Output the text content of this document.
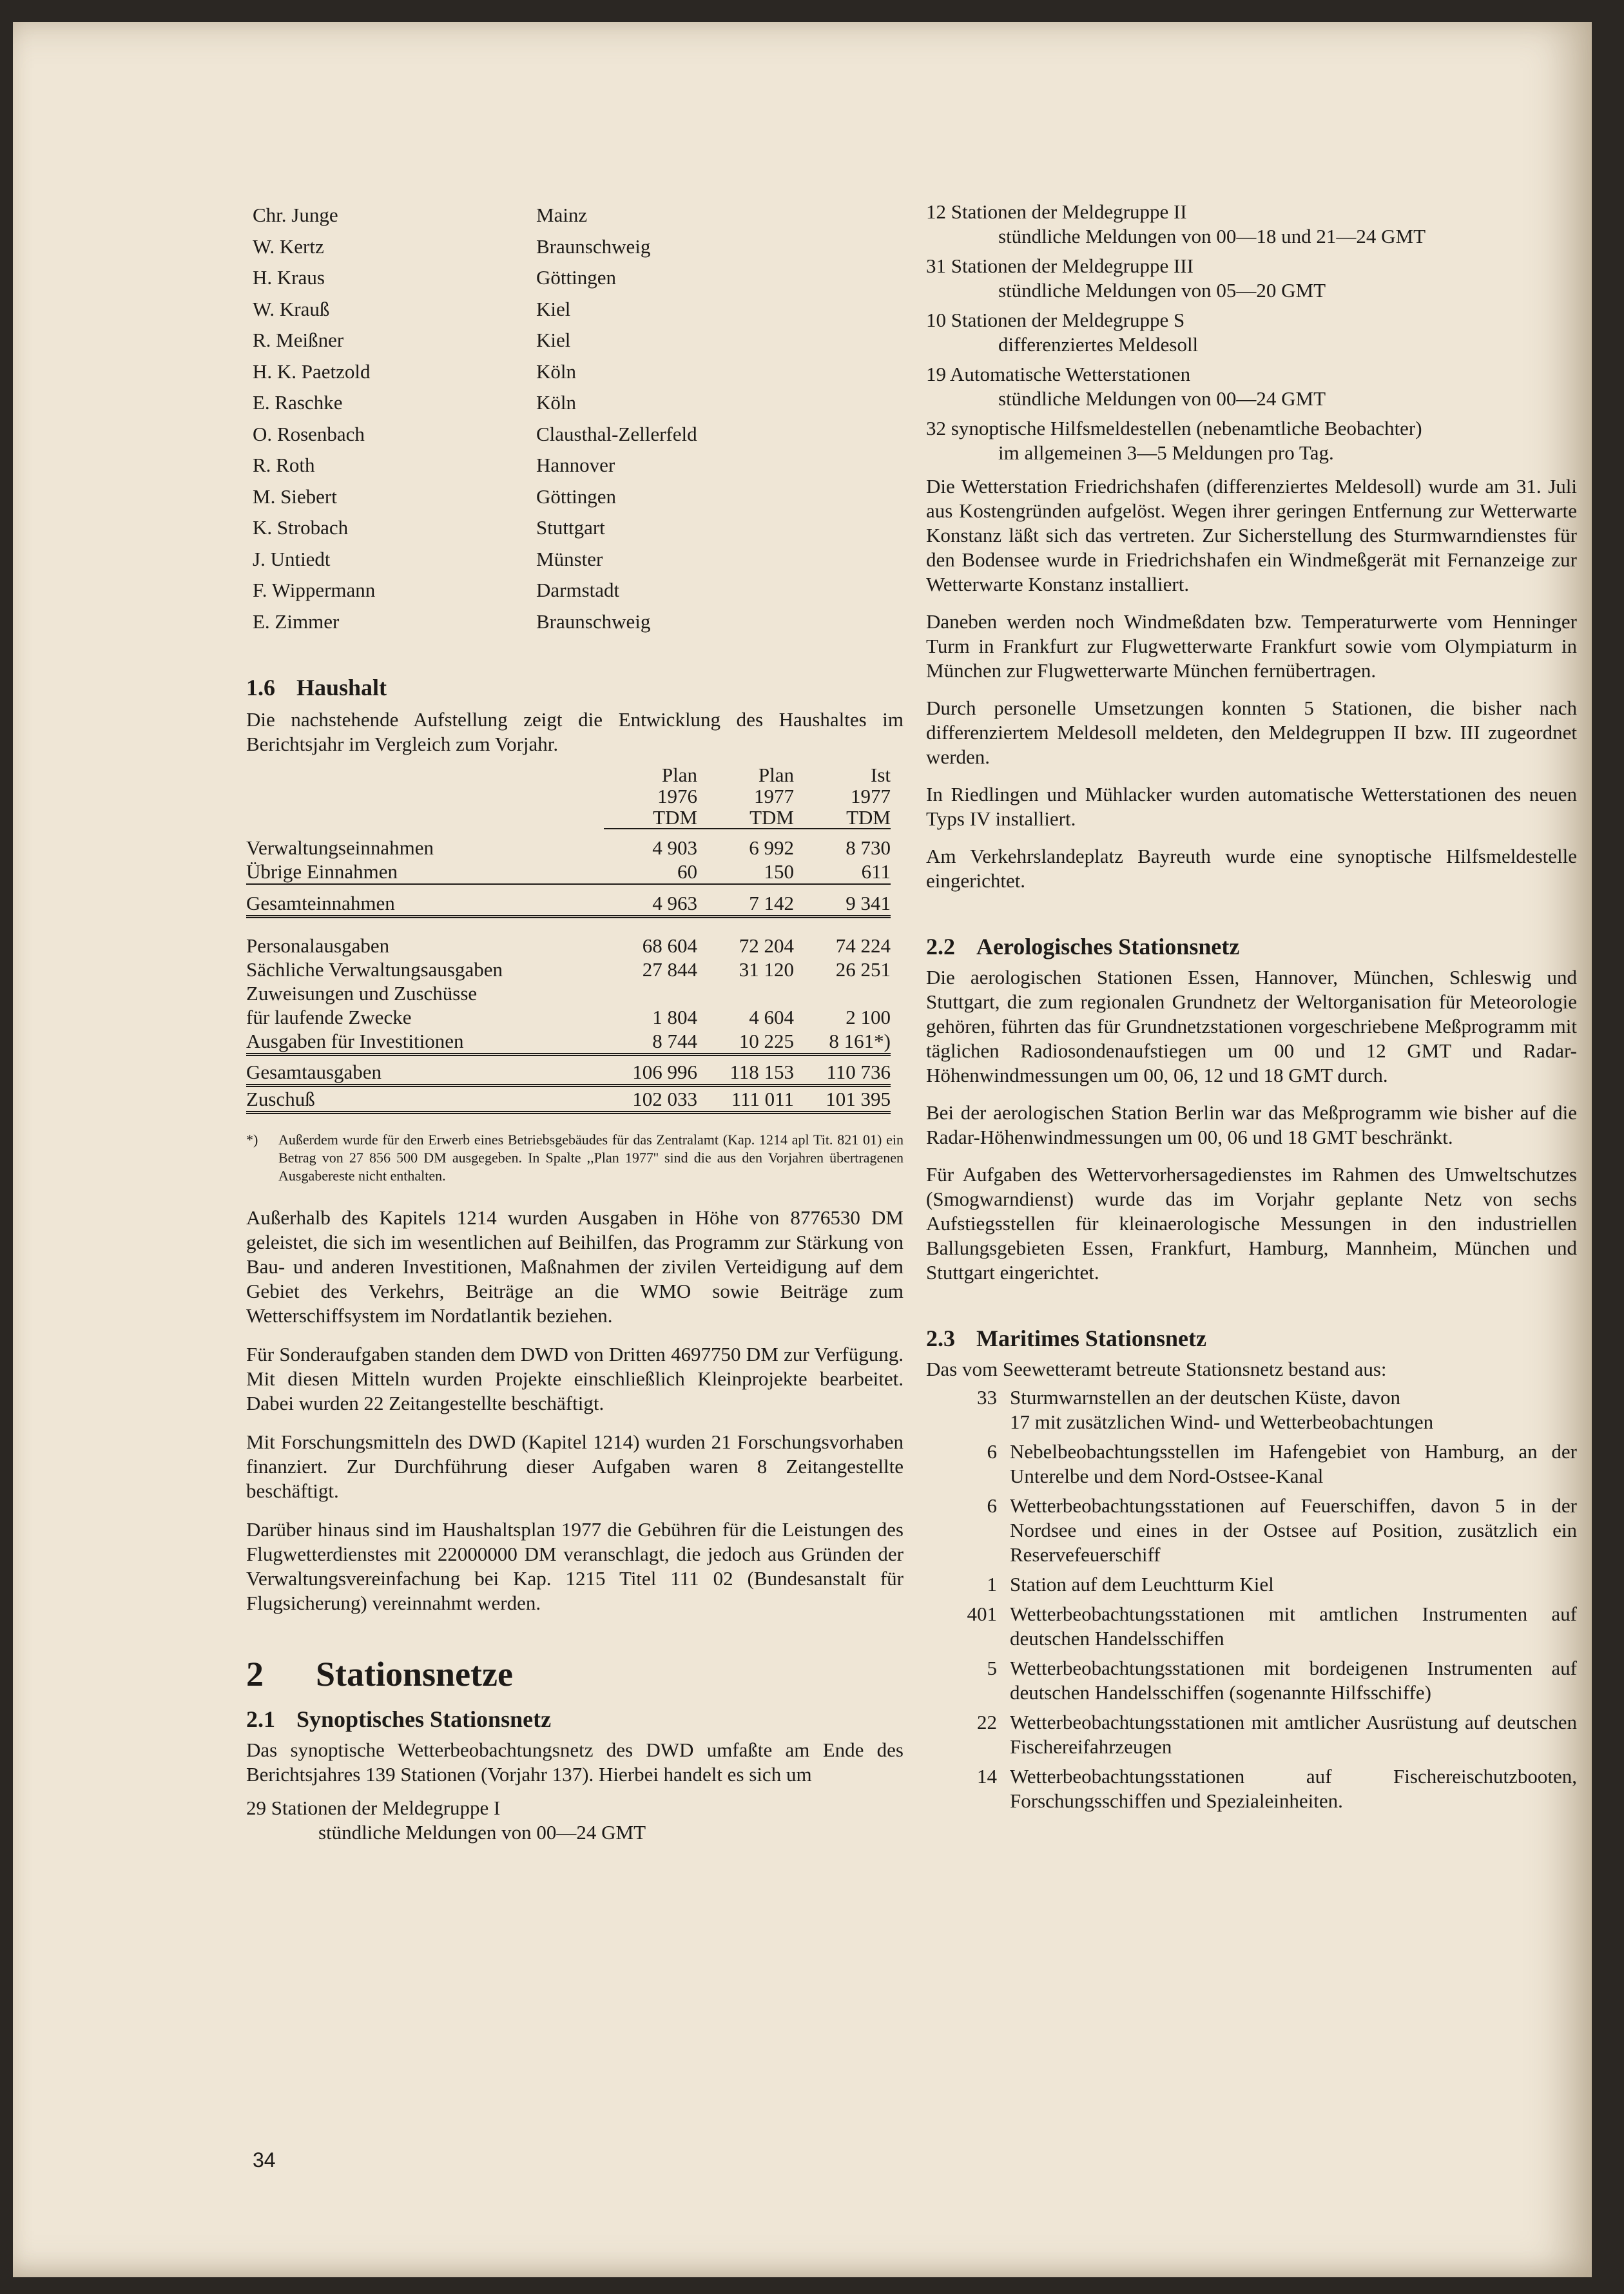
Chr. Junge	Mainz
W. Kertz	Braunschweig
H. Kraus	Göttingen
W. Krauß	Kiel
R. Meißner	Kiel
H. K. Paetzold	Köln
E. Raschke	Köln
O. Rosenbach	Clausthal-Zellerfeld
R. Roth	Hannover
M. Siebert	Göttingen
K. Strobach	Stuttgart
J. Untiedt	Münster
F. Wippermann	Darmstadt
E. Zimmer	Braunschweig
1.6 Haushalt

Die nachstehende Aufstellung zeigt die Entwicklung des Haushaltes im Berichtsjahr im Vergleich zum Vorjahr.

	Plan	Plan	Ist
	1976	1977	1977
	TDM	TDM	TDM

Verwaltungseinnahmen	4 903	6 992	8 730
Übrige Einnahmen	60	150	611

Gesamteinnahmen	4 963	7 142	9 341

Personalausgaben	68 604	72 204	74 224
Sächliche Verwaltungsausgaben	27 844	31 120	26 251
Zuweisungen und Zuschüsse			
für laufende Zwecke	1 804	4 604	2 100
Ausgaben für Investitionen	8 744	10 225	8 161*)
Gesamtausgaben	106 996	118 153	110 736
Zuschuß	102 033	111 011	101 395
*)	Außerdem wurde für den Erwerb eines Betriebsgebäudes für das Zentralamt (Kap. 1214 apl Tit. 821 01) ein Betrag von 27 856 500 DM ausgegeben. In Spalte ,,Plan 1977'' sind die aus den Vorjahren übertragenen Ausgabereste nicht enthalten.

Außerhalb des Kapitels 1214 wurden Ausgaben in Höhe von 8776530 DM geleistet, die sich im wesentlichen auf Beihilfen, das Programm zur Stärkung von Bau- und anderen Investitionen, Maßnahmen der zivilen Verteidigung auf dem Gebiet des Verkehrs, Beiträge an die WMO sowie Beiträge zum Wetterschiffsystem im Nordatlantik beziehen.

Für Sonderaufgaben standen dem DWD von Dritten 4697750 DM zur Verfügung. Mit diesen Mitteln wurden Projekte einschließlich Kleinprojekte bearbeitet. Dabei wurden 22 Zeitangestellte beschäftigt.

Mit Forschungsmitteln des DWD (Kapitel 1214) wurden 21 Forschungsvorhaben finanziert. Zur Durchführung dieser Aufgaben waren 8 Zeitangestellte beschäftigt.

Darüber hinaus sind im Haushaltsplan 1977 die Gebühren für die Leistungen des Flugwetterdienstes mit 22000000 DM veranschlagt, die jedoch aus Gründen der Verwaltungsvereinfachung bei Kap. 1215 Titel 111 02 (Bundesanstalt für Flugsicherung) vereinnahmt werden.

2 Stationsnetze
2.1 Synoptisches Stationsnetz

Das synoptische Wetterbeobachtungsnetz des DWD umfaßte am Ende des Berichtsjahres 139 Stationen (Vorjahr 137). Hierbei handelt es sich um

29 Stationen der Meldegruppe I
stündliche Meldungen von 00—24 GMT
34
12 Stationen der Meldegruppe II
stündliche Meldungen von 00—18 und 21—24 GMT
31 Stationen der Meldegruppe III
stündliche Meldungen von 05—20 GMT
10 Stationen der Meldegruppe S
differenziertes Meldesoll
19 Automatische Wetterstationen
stündliche Meldungen von 00—24 GMT
32 synoptische Hilfsmeldestellen (nebenamtliche Beobachter)
im allgemeinen 3—5 Meldungen pro Tag.

Die Wetterstation Friedrichshafen (differenziertes Meldesoll) wurde am 31. Juli aus Kostengründen aufgelöst. Wegen ihrer geringen Entfernung zur Wetterwarte Konstanz läßt sich das vertreten. Zur Sicherstellung des Sturmwarndienstes für den Bodensee wurde in Friedrichshafen ein Windmeßgerät mit Fernanzeige zur Wetterwarte Konstanz installiert.

Daneben werden noch Windmeßdaten bzw. Temperaturwerte vom Henninger Turm in Frankfurt zur Flugwetterwarte Frankfurt sowie vom Olympiaturm in München zur Flugwetterwarte München fernübertragen.

Durch personelle Umsetzungen konnten 5 Stationen, die bisher nach differenziertem Meldesoll meldeten, den Meldegruppen II bzw. III zugeordnet werden.

In Riedlingen und Mühlacker wurden automatische Wetterstationen des neuen Typs IV installiert.

Am Verkehrslandeplatz Bayreuth wurde eine synoptische Hilfsmeldestelle eingerichtet.

2.2 Aerologisches Stationsnetz

Die aerologischen Stationen Essen, Hannover, München, Schleswig und Stuttgart, die zum regionalen Grundnetz der Weltorganisation für Meteorologie gehören, führten das für Grundnetzstationen vorgeschriebene Meßprogramm mit täglichen Radiosondenaufstiegen um 00 und 12 GMT und Radar-Höhenwindmessungen um 00, 06, 12 und 18 GMT durch.

Bei der aerologischen Station Berlin war das Meßprogramm wie bisher auf die Radar-Höhenwindmessungen um 00, 06 und 18 GMT beschränkt.

Für Aufgaben des Wettervorhersagedienstes im Rahmen des Umweltschutzes (Smogwarndienst) wurde das im Vorjahr geplante Netz von sechs Aufstiegsstellen für kleinaerologische Messungen in den industriellen Ballungsgebieten Essen, Frankfurt, Hamburg, Mannheim, München und Stuttgart eingerichtet.

2.3 Maritimes Stationsnetz

Das vom Seewetteramt betreute Stationsnetz bestand aus:

33 Sturmwarnstellen an der deutschen Küste, davon
17 mit zusätzlichen Wind- und Wetterbeobachtungen
6 Nebelbeobachtungsstellen im Hafengebiet von Hamburg, an der Unterelbe und dem Nord-Ostsee-Kanal
6 Wetterbeobachtungsstationen auf Feuerschiffen, davon 5 in der Nordsee und eines in der Ostsee auf Position, zusätzlich ein Reservefeuerschiff
1 Station auf dem Leuchtturm Kiel
401 Wetterbeobachtungsstationen mit amtlichen Instrumenten auf deutschen Handelsschiffen
5 Wetterbeobachtungsstationen mit bordeigenen Instrumenten auf deutschen Handelsschiffen (sogenannte Hilfsschiffe)
22 Wetterbeobachtungsstationen mit amtlicher Ausrüstung auf deutschen Fischereifahrzeugen
14 Wetterbeobachtungsstationen auf Fischereischutzbooten, Forschungsschiffen und Spezialeinheiten.
